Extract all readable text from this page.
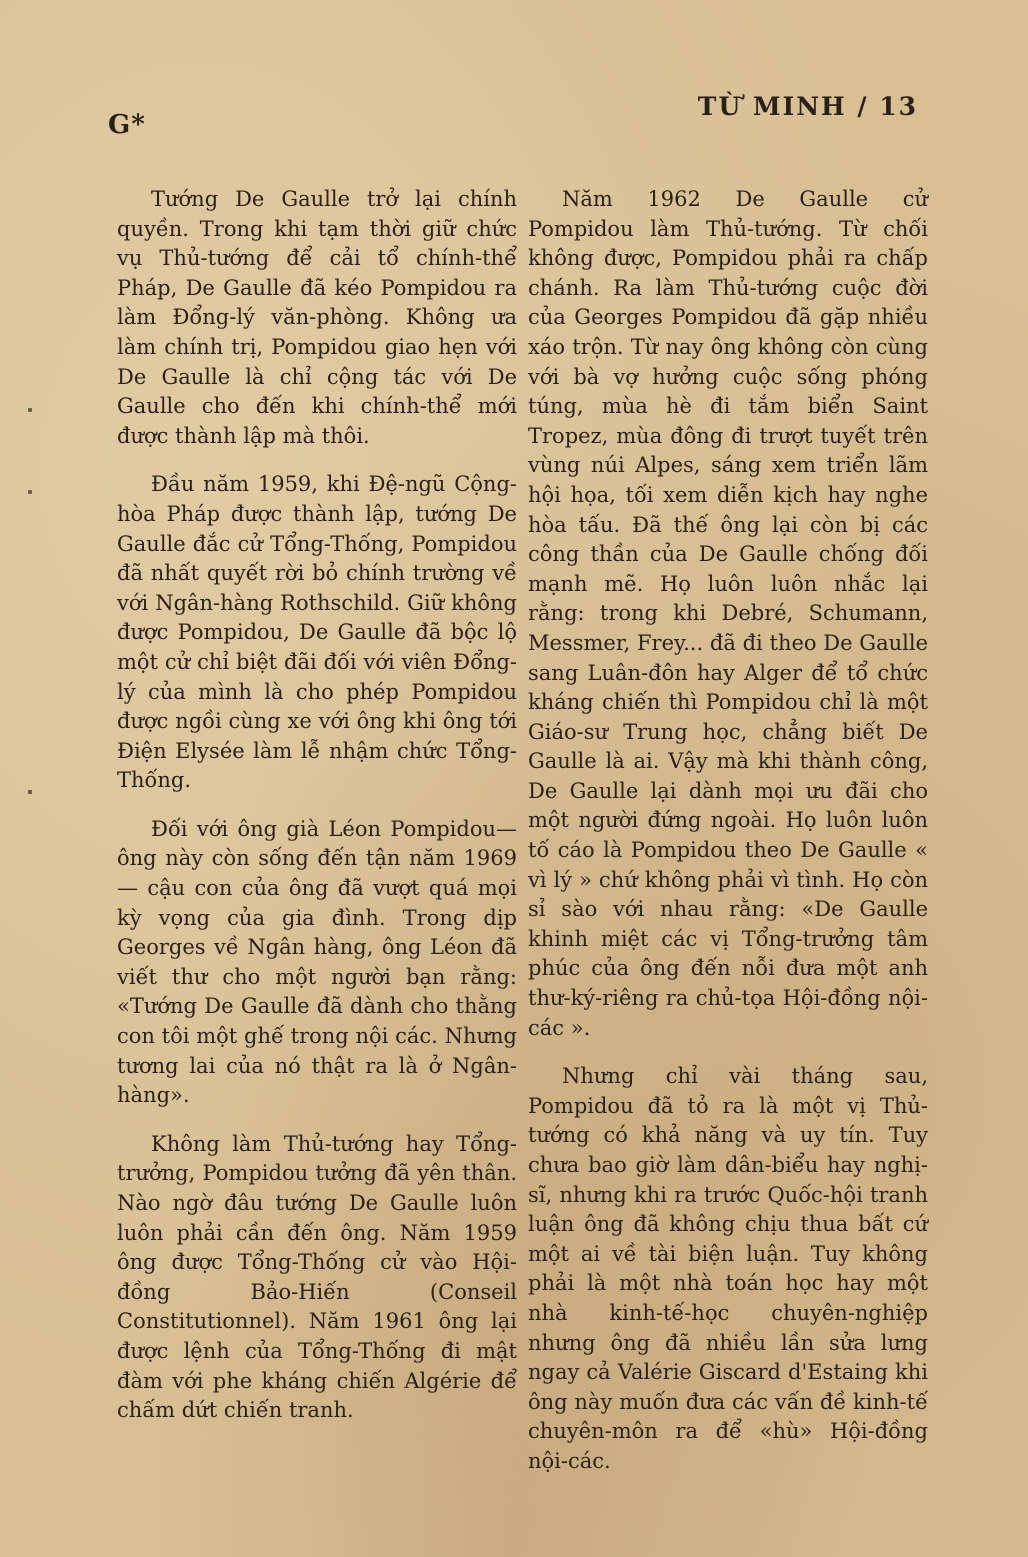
G*
TỪ MINH / 13

Tướng De Gaulle trở lại chính quyền. Trong khi tạm thời giữ chức vụ Thủ-tướng để cải tổ chính-thể Pháp, De Gaulle đã kéo Pompidou ra làm Đổng-lý văn-phòng. Không ưa làm chính trị, Pompidou giao hẹn với De Gaulle là chỉ cộng tác với De Gaulle cho đến khi chính-thể mới được thành lập mà thôi.

Đầu năm 1959, khi Đệ-ngũ Cộng-hòa Pháp được thành lập, tướng De Gaulle đắc cử Tổng-Thống, Pompidou đã nhất quyết rời bỏ chính trường về với Ngân-hàng Rothschild. Giữ không được Pompidou, De Gaulle đã bộc lộ một cử chỉ biệt đãi đối với viên Đổng-lý của mình là cho phép Pompidou được ngồi cùng xe với ông khi ông tới Điện Elysée làm lễ nhậm chức Tổng-Thống.

Đối với ông già Léon Pompidou— ông này còn sống đến tận năm 1969— cậu con của ông đã vượt quá mọi kỳ vọng của gia đình. Trong dịp Georges về Ngân hàng, ông Léon đã viết thư cho một người bạn rằng: «Tướng De Gaulle đã dành cho thằng con tôi một ghế trong nội các. Nhưng tương lai của nó thật ra là ở Ngân-hàng».

Không làm Thủ-tướng hay Tổng-trưởng, Pompidou tưởng đã yên thân. Nào ngờ đâu tướng De Gaulle luôn luôn phải cần đến ông. Năm 1959 ông được Tổng-Thống cử vào Hội-đồng Bảo-Hiến (Conseil Constitutionnel). Năm 1961 ông lại được lệnh của Tổng-Thống đi mật đàm với phe kháng chiến Algérie để chấm dứt chiến tranh.

Năm 1962 De Gaulle cử Pompidou làm Thủ-tướng. Từ chối không được, Pompidou phải ra chấp chánh. Ra làm Thủ-tướng cuộc đời của Georges Pompidou đã gặp nhiều xáo trộn. Từ nay ông không còn cùng với bà vợ hưởng cuộc sống phóng túng, mùa hè đi tắm biển Saint Tropez, mùa đông đi trượt tuyết trên vùng núi Alpes, sáng xem triển lãm hội họa, tối xem diễn kịch hay nghe hòa tấu. Đã thế ông lại còn bị các công thần của De Gaulle chống đối mạnh mẽ. Họ luôn luôn nhắc lại rằng: trong khi Debré, Schumann, Messmer, Frey... đã đi theo De Gaulle sang Luân-đôn hay Alger để tổ chức kháng chiến thì Pompidou chỉ là một Giáo-sư Trung học, chẳng biết De Gaulle là ai. Vậy mà khi thành công, De Gaulle lại dành mọi ưu đãi cho một người đứng ngoài. Họ luôn luôn tố cáo là Pompidou theo De Gaulle « vì lý » chứ không phải vì tình. Họ còn sỉ sào với nhau rằng: «De Gaulle khinh miệt các vị Tổng-trưởng tâm phúc của ông đến nỗi đưa một anh thư-ký-riêng ra chủ-tọa Hội-đồng nội-các ».

Nhưng chỉ vài tháng sau, Pompidou đã tỏ ra là một vị Thủ-tướng có khả năng và uy tín. Tuy chưa bao giờ làm dân-biểu hay nghị-sĩ, nhưng khi ra trước Quốc-hội tranh luận ông đã không chịu thua bất cứ một ai về tài biện luận. Tuy không phải là một nhà toán học hay một nhà kinh-tế-học chuyên-nghiệp nhưng ông đã nhiều lần sửa lưng ngay cả Valérie Giscard d'Estaing khi ông này muốn đưa các vấn đề kinh-tế chuyên-môn ra để «hù» Hội-đồng nội-các.
